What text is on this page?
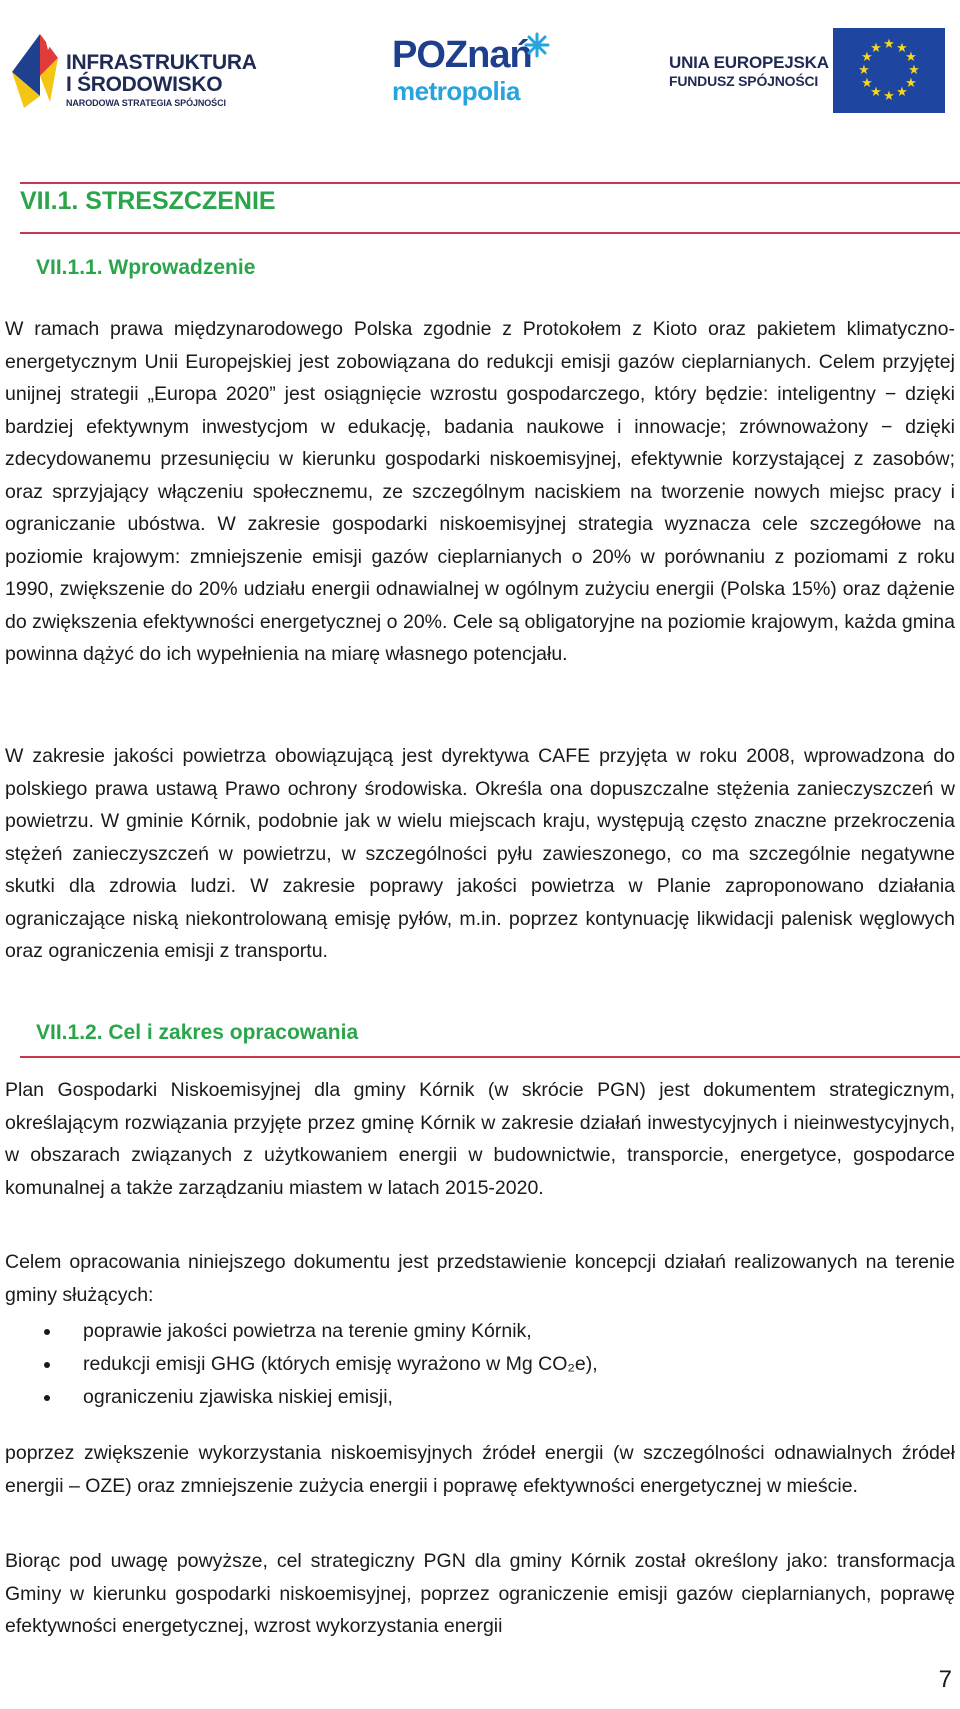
INFRASTRUKTURA
I ŚRODOWISKO
NARODOWA STRATEGIA SPÓJNOŚCI
POZnań
metropolia
UNIA EUROPEJSKA
FUNDUSZ SPÓJNOŚCI
★ ★
★
★
★
★
★
★
★
★
★
★
VII.1. STRESZCZENIE
VII.1.1. Wprowadzenie

W ramach prawa międzynarodowego Polska zgodnie z Protokołem z Kioto oraz pakietem klimatyczno-energetycznym Unii Europejskiej jest zobowiązana do redukcji emisji gazów cieplarnianych. Celem przyjętej unijnej strategii „Europa 2020” jest osiągnięcie wzrostu gospodarczego, który będzie: inteligentny − dzięki bardziej efektywnym inwestycjom w edukację, badania naukowe i innowacje; zrównoważony − dzięki zdecydowanemu przesunięciu w kierunku gospodarki niskoemisyjnej, efektywnie korzystającej z zasobów; oraz sprzyjający włączeniu społecznemu, ze szczególnym naciskiem na tworzenie nowych miejsc pracy i ograniczanie ubóstwa. W zakresie gospodarki niskoemisyjnej strategia wyznacza cele szczegółowe na poziomie krajowym: zmniejszenie emisji gazów cieplarnianych o 20% w porównaniu z poziomami z roku 1990, zwiększenie do 20% udziału energii odnawialnej w ogólnym zużyciu energii (Polska 15%) oraz dążenie do zwiększenia efektywności energetycznej o 20%. Cele są obligatoryjne na poziomie krajowym, każda gmina powinna dążyć do ich wypełnienia na miarę własnego potencjału.

W zakresie jakości powietrza obowiązującą jest dyrektywa CAFE przyjęta w roku 2008, wprowadzona do polskiego prawa ustawą Prawo ochrony środowiska. Określa ona dopuszczalne stężenia zanieczyszczeń w powietrzu. W gminie Kórnik, podobnie jak w wielu miejscach kraju, występują często znaczne przekroczenia stężeń zanieczyszczeń w powietrzu, w szczególności pyłu zawieszonego, co ma szczególnie negatywne skutki dla zdrowia ludzi. W zakresie poprawy jakości powietrza w Planie zaproponowano działania ograniczające niską niekontrolowaną emisję pyłów, m.in. poprzez kontynuację likwidacji palenisk węglowych oraz ograniczenia emisji z transportu.

VII.1.2. Cel i zakres opracowania

Plan Gospodarki Niskoemisyjnej dla gminy Kórnik (w skrócie PGN) jest dokumentem strategicznym, określającym rozwiązania przyjęte przez gminę Kórnik w zakresie działań inwestycyjnych i nieinwestycyjnych, w obszarach związanych z użytkowaniem energii w budownictwie, transporcie, energetyce, gospodarce komunalnej a także zarządzaniu miastem w latach 2015-2020.

Celem opracowania niniejszego dokumentu jest przedstawienie koncepcji działań realizowanych na terenie gminy służących:

poprawie jakości powietrza na terenie gminy Kórnik,
redukcji emisji GHG (których emisję wyrażono w Mg CO₂e),
ograniczeniu zjawiska niskiej emisji,

poprzez zwiększenie wykorzystania niskoemisyjnych źródeł energii (w szczególności odnawialnych źródeł energii – OZE) oraz zmniejszenie zużycia energii i poprawę efektywności energetycznej w mieście.

Biorąc pod uwagę powyższe, cel strategiczny PGN dla gminy Kórnik został określony jako: transformacja Gminy w kierunku gospodarki niskoemisyjnej, poprzez ograniczenie emisji gazów cieplarnianych, poprawę efektywności energetycznej, wzrost wykorzystania energii

7
